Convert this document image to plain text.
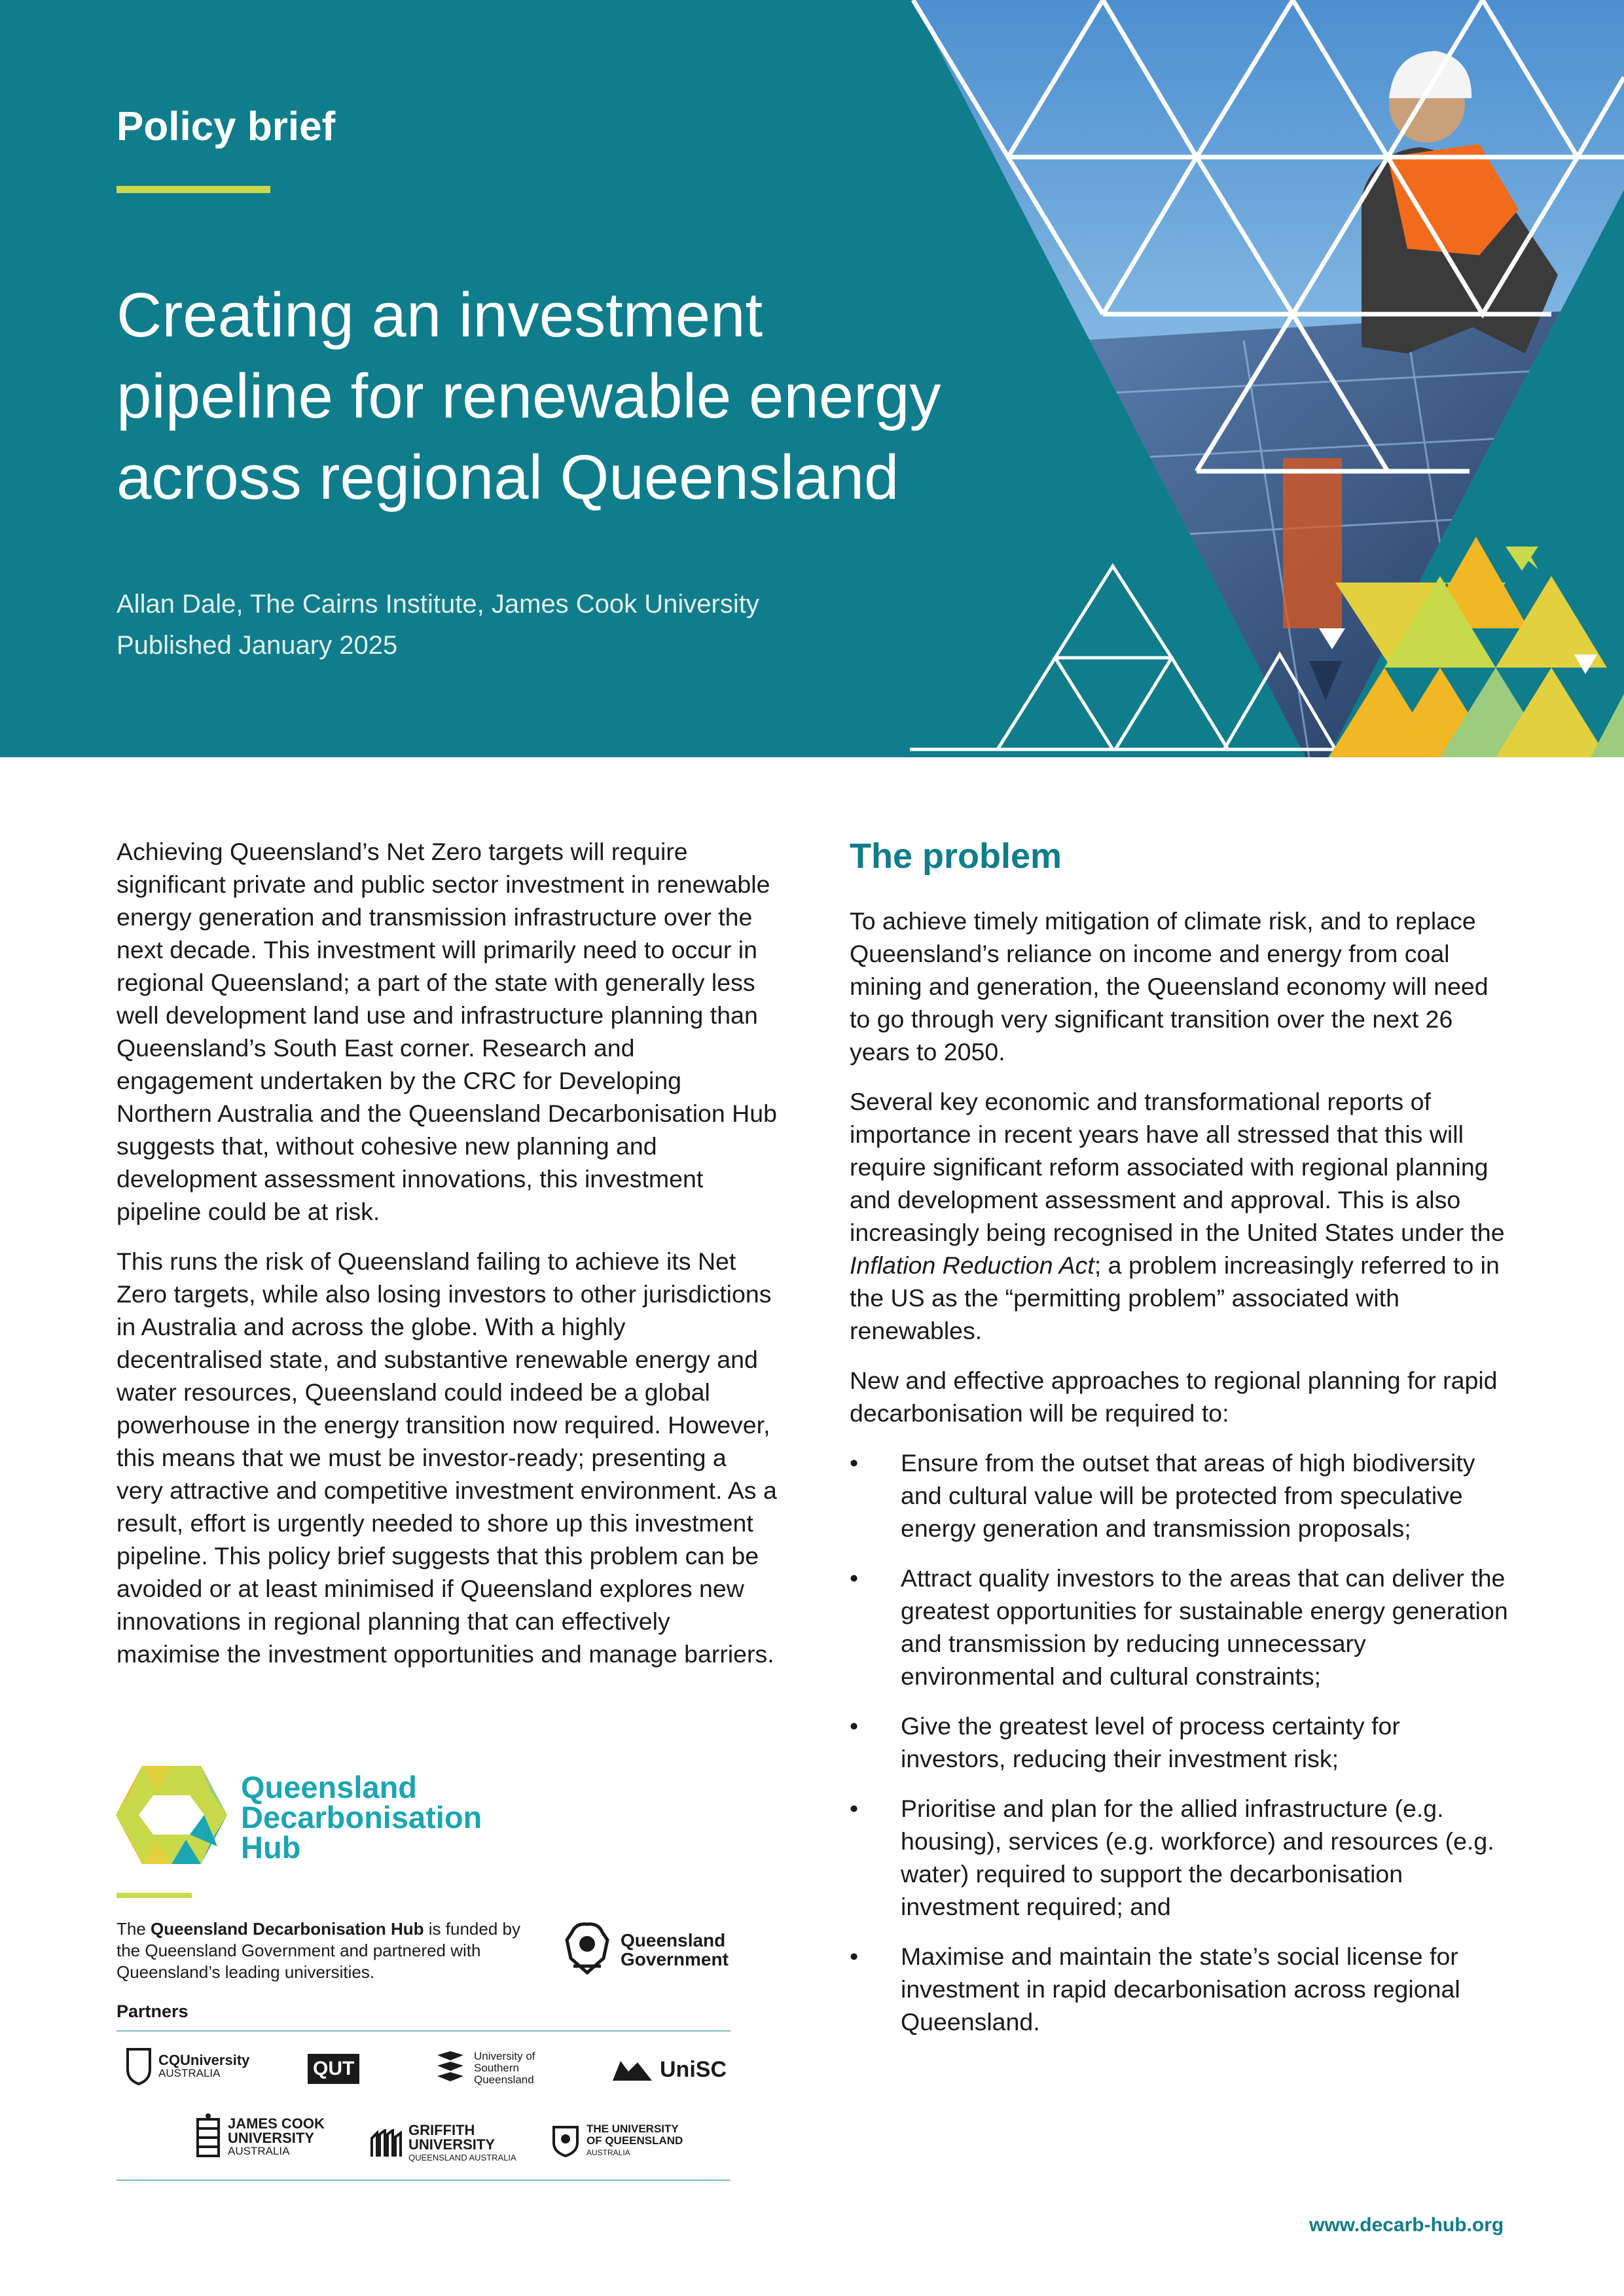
Policy brief
Creating an investment
pipeline for renewable energy
across regional Queensland
Allan Dale, The Cairns Institute, James Cook University
Published January 2025

Achieving Queensland’s Net Zero targets will require significant private and public sector investment in renewable energy generation and transmission infrastructure over the next decade. This investment will primarily need to occur in regional Queensland; a part of the state with generally less well development land use and infrastructure planning than Queensland’s South East corner. Research and engagement undertaken by the CRC for Developing Northern Australia and the Queensland Decarbonisation Hub suggests that, without cohesive new planning and development assessment innovations, this investment pipeline could be at risk.

This runs the risk of Queensland failing to achieve its Net Zero targets, while also losing investors to other jurisdictions in Australia and across the globe. With a highly decentralised state, and substantive renewable energy and water resources, Queensland could indeed be a global powerhouse in the energy transition now required. However, this means that we must be investor-ready; presenting a very attractive and competitive investment environment. As a result, effort is urgently needed to shore up this investment pipeline. This policy brief suggests that this problem can be avoided or at least minimised if Queensland explores new innovations in regional planning that can effectively maximise the investment opportunities and manage barriers.

The problem

To achieve timely mitigation of climate risk, and to replace Queensland’s reliance on income and energy from coal mining and generation, the Queensland economy will need to go through very significant transition over the next 26 years to 2050.

Several key economic and transformational reports of importance in recent years have all stressed that this will require significant reform associated with regional planning and development assessment and approval. This is also increasingly being recognised in the United States under the Inflation Reduction Act; a problem increasingly referred to in the US as the “permitting problem” associated with renewables.

New and effective approaches to regional planning for rapid decarbonisation will be required to:

• Ensure from the outset that areas of high biodiversity and cultural value will be protected from speculative energy generation and transmission proposals;
• Attract quality investors to the areas that can deliver the greatest opportunities for sustainable energy generation and transmission by reducing unnecessary environmental and cultural constraints;
• Give the greatest level of process certainty for investors, reducing their investment risk;
• Prioritise and plan for the allied infrastructure (e.g. housing), services (e.g. workforce) and resources (e.g. water) required to support the decarbonisation investment required; and
• Maximise and maintain the state’s social license for investment in rapid decarbonisation across regional Queensland.
Queensland
Decarbonisation
Hub
The Queensland Decarbonisation Hub is funded by the Queensland Government and partnered with Queensland’s leading universities.
Queensland
Government
Partners
CQUniversity
AUSTRALIA	QUT
University of
Southern
Queensland	UniSC
JAMES COOK
UNIVERSITY
AUSTRALIA
GRIFFITH
UNIVERSITY
QUEENSLAND AUSTRALIA
THE UNIVERSITY
OF QUEENSLAND
AUSTRALIA
www.decarb-hub.org
